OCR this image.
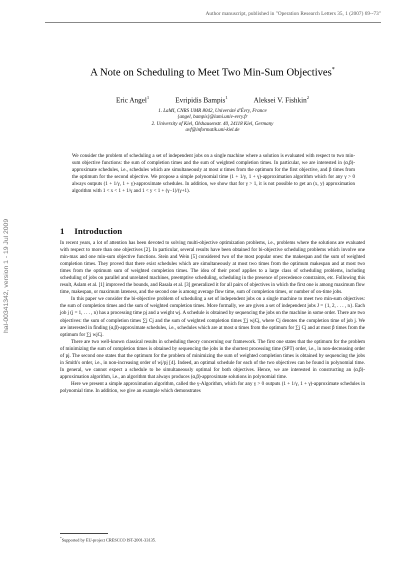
Author manuscript, published in "Operation Research Letters 35, 1 (2007) 69--73"
hal-00341342, version 1 - 19 Jul 2009
A Note on Scheduling to Meet Two Min-Sum Objectives*
Eric Angel$^1$	Evripidis Bampis$^1$	Aleksei V. Fishkin$^2$
1. LaMI, CNRS UMR 8042, Université d'Évry, France
{angel, bampis}@lami.univ-evry.fr
2. University of Kiel, Olshausenstr. 40, 24118 Kiel, Germany
avf@informatik.uni-kiel.de
We consider the problem of scheduling a set of independent jobs on a single machine where a solution is evaluated with respect to two min-sum objective functions: the sum of completion times and the sum of weighted completion times. In particular, we are interested in (α,β)-approximate schedules, i.e., schedules which are simultaneously at most α times from the optimum for the first objective, and β times from the optimum for the second objective. We propose a simple polynomial time (1 + 1/γ, 1 + γ)-approximation algorithm which for any γ > 0 always outputs (1 + 1/γ, 1 + γ)-approximate schedules. In addition, we show that for γ > 1, it is not possible to get an (x, y) approximation algorithm with 1 < x < 1 + 1/γ and 1 < y < 1 + (γ−1)/(γ+1).
1 Introduction

In recent years, a lot of attention has been devoted to solving multi-objective optimization problems, i.e., problems where the solutions are evaluated with respect to more than one objectives [2]. In particular, several results have been obtained for bi-objective scheduling problems which involve one min-max and one min-sum objective functions. Stein and Wein [5] considered two of the most popular ones: the makespan and the sum of weighted completion times. They proved that there exist schedules which are simultaneously at most two times from the optimum makespan and at most two times from the optimum sum of weighted completion times. The idea of their proof applies to a large class of scheduling problems, including scheduling of jobs on parallel and unrelated machines, preemptive scheduling, scheduling in the presence of precedence constraints, etc. Following this result, Aslam et al. [1] improved the bounds, and Rasala et al. [3] generalized it for all pairs of objectives in which the first one is among maximum flow time, makespan, or maximum lateness, and the second one is among average flow time, sum of completion times, or number of on-time jobs.

In this paper we consider the bi-objective problem of scheduling a set of independent jobs on a single machine to meet two min-sum objectives: the sum of completion times and the sum of weighted completion times. More formally, we are given a set of independent jobs J = {1, 2, . . . , n}. Each job j (j = 1, . . . , n) has a processing time pj and a weight wj. A schedule is obtained by sequencing the jobs on the machine in some order. There are two objectives: the sum of completion times ∑j Cj and the sum of weighted completion times ∑j wjCj, where Cj denotes the completion time of job j. We are interested in finding (α,β)-approximate schedules, i.e., schedules which are at most α times from the optimum for ∑j Cj and at most β times from the optimum for ∑j wjCj.

There are two well-known classical results in scheduling theory concerning our framework. The first one states that the optimum for the problem of minimizing the sum of completion times is obtained by sequencing the jobs in the shortest processing time (SPT) order, i.e., in non-decreasing order of pj. The second one states that the optimum for the problem of minimizing the sum of weighted completion times is obtained by sequencing the jobs in Smith's order, i.e., in non-increasing order of wj/pj [4]. Indeed, an optimal schedule for each of the two objectives can be found in polynomial time. In general, we cannot expect a schedule to be simultaneously optimal for both objectives. Hence, we are interested in constructing an (α,β)-approximation algorithm, i.e., an algorithm that always produces (α,β)-approximate solutions in polynomial time.

Here we present a simple approximation algorithm, called the γ-Algorithm, which for any γ > 0 outputs (1 + 1/γ, 1 + γ)-approximate schedules in polynomial time. In addition, we give an example which demonstrates

*Supported by EU-project CRESCCO IST-2001-33135.
